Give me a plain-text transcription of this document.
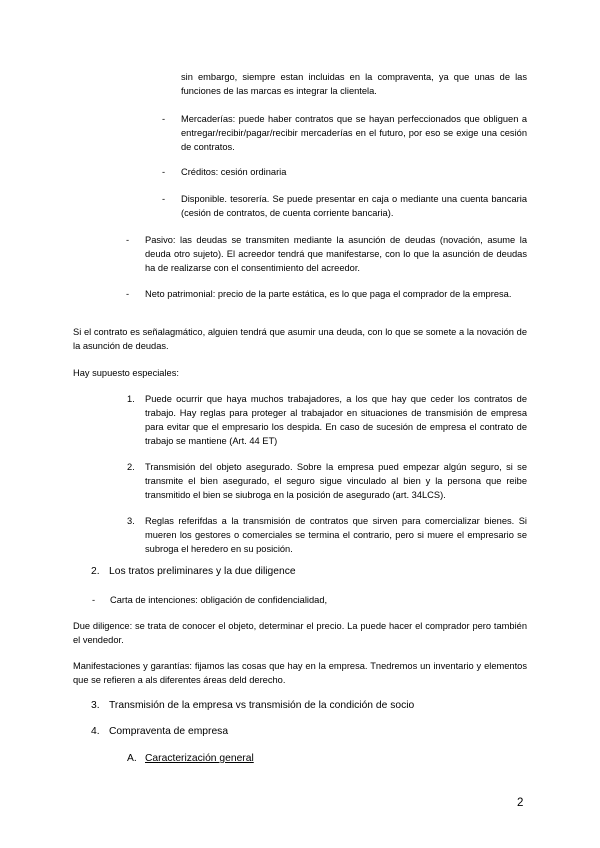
sin embargo, siempre estan incluidas en la compraventa, ya que unas de las funciones de las marcas es integrar la clientela.
- Mercaderías: puede haber contratos que se hayan perfeccionados que obliguen a entregar/recibir/pagar/recibir mercaderías en el futuro, por eso se exige una cesión de contratos.
- Créditos: cesión ordinaria
- Disponible. tesorería. Se puede presentar en caja o mediante una cuenta bancaria (cesión de contratos, de cuenta corriente bancaria).
- Pasivo: las deudas se transmiten mediante la asunción de deudas (novación, asume la deuda otro sujeto). El acreedor tendrá que manifestarse, con lo que la asunción de deudas ha de realizarse con el consentimiento del acreedor.
- Neto patrimonial: precio de la parte estática, es lo que paga el comprador de la empresa.
Si el contrato es señalagmático, alguien tendrá que asumir una deuda, con lo que se somete a la novación de la asunción de deudas.
Hay supuesto especiales:
1. Puede ocurrir que haya muchos trabajadores, a los que hay que ceder los contratos de trabajo. Hay reglas para proteger al trabajador en situaciones de transmisión de empresa para evitar que el empresario los despida. En caso de sucesión de empresa el contrato de trabajo se mantiene (Art. 44 ET)
2. Transmisión del objeto asegurado. Sobre la empresa pued empezar algún seguro, si se transmite el bien asegurado, el seguro sigue vinculado al bien y la persona que reibe transmitido el bien se siubroga en la posición de asegurado (art. 34LCS).
3. Reglas referifdas a la transmisión de contratos que sirven para comercializar bienes. Si mueren los gestores o comerciales se termina el contrario, pero si muere el empresario se subroga el heredero en su posición.
2. Los tratos preliminares y la due diligence
- Carta de intenciones: obligación de confidencialidad,
Due diligence: se trata de conocer el objeto, determinar el precio. La puede hacer el comprador pero también el vendedor.
Manifestaciones y garantías: fijamos las cosas que hay en la empresa. Tnedremos un inventario y elementos que se refieren a als diferentes áreas deld derecho.
3. Transmisión de la empresa vs transmisión de la condición de socio
4. Compraventa de empresa
A. Caracterización general
2
